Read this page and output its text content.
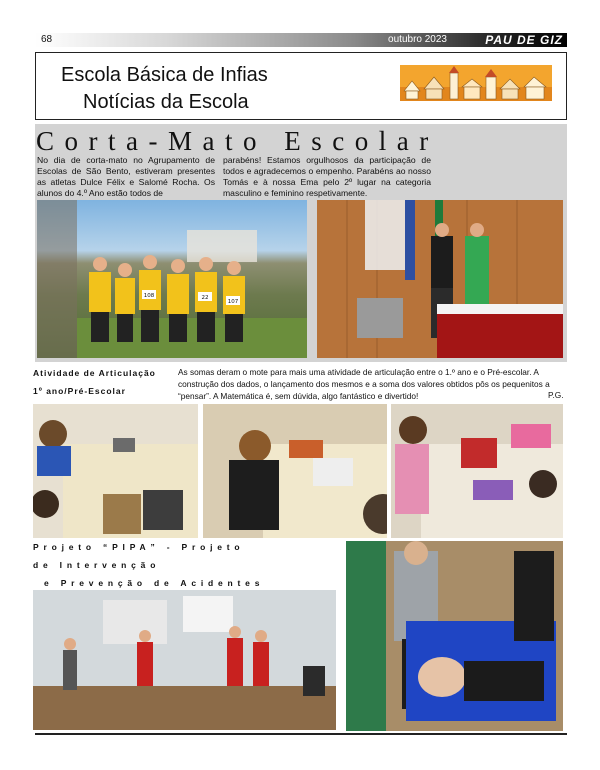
68	outubro 2023	PAU DE GIZ
Escola Básica de Infias
Notícias da Escola
Corta-Mato Escolar

No dia de corta-mato no Agrupamento de Escolas de São Bento, estiveram presentes as atletas Dulce Félix e Salomé Rocha. Os alunos do 4.º Ano estão todos de

parabéns! Estamos orgulhosos da participação de todos e agradecemos o empenho. Parabéns ao nosso Tomás e à nossa Ema pelo 2º lugar na categoria masculino e feminino respetivamente.

108	22
107
Atividade de Articulação
1º ano/Pré-Escolar

As somas deram o mote para mais uma atividade de articulação entre o 1.º ano e o Pré-escolar. A construção dos dados, o lançamento dos mesmos e a soma dos valores obtidos pôs os pequenitos a “pensar”. A Matemática é, sem dúvida, algo fantástico e divertido!	P.G.
Projeto “PIPA” - Projeto
de Intervenção
e Prevenção de Acidentes
